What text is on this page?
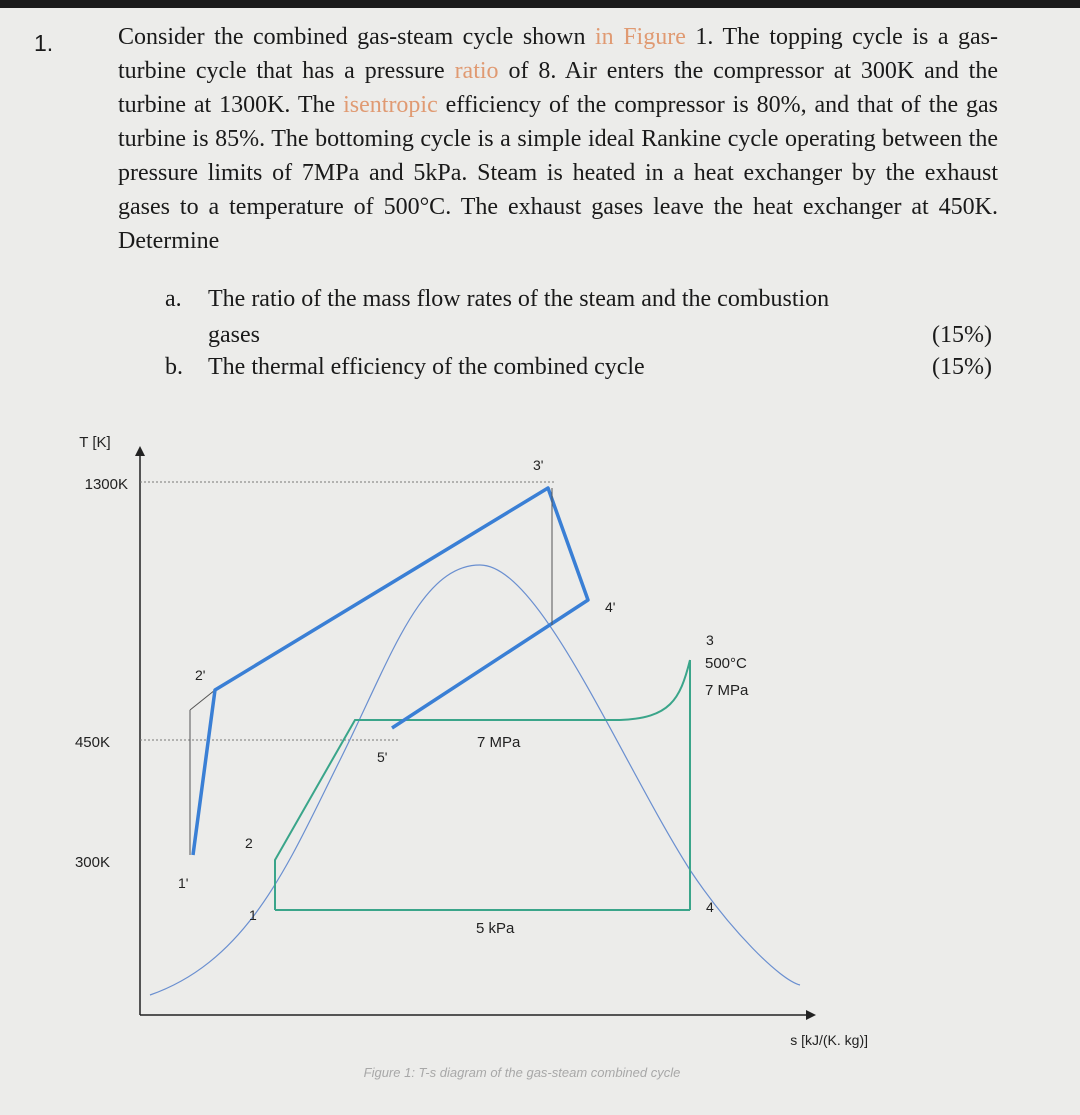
1.	Consider the combined gas-steam cycle shown in Figure 1. The topping cycle is a gas-turbine cycle that has a pressure ratio of 8. Air enters the compressor at 300K and the turbine at 1300K. The isentropic efficiency of the compressor is 80%, and that of the gas turbine is 85%. The bottoming cycle is a simple ideal Rankine cycle operating between the pressure limits of 7MPa and 5kPa. Steam is heated in a heat exchanger by the exhaust gases to a temperature of 500°C. The exhaust gases leave the heat exchanger at 450K. Determine
a. The ratio of the mass flow rates of the steam and the combustion
gases	(15%)
b. The thermal efficiency of the combined cycle	(15%)
1300K
450K
300K
T [K]
1'
2'
3'
4'
5'
1
2
3
4
500°C
7 MPa
7 MPa
5 kPa
s [kJ/(K. kg)]
Figure 1: T-s diagram of the gas-steam combined cycle
